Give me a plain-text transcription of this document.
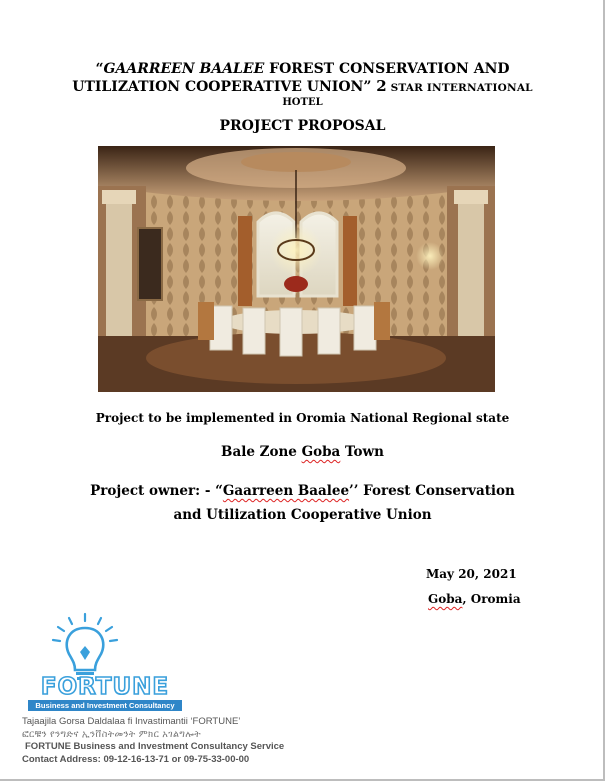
“GAARREEN BAALEE FOREST CONSERVATION AND
UTILIZATION COOPERATIVE UNION” 2 STAR INTERNATIONAL
HOTEL
PROJECT PROPOSAL
Project to be implemented in Oromia National Regional state
Bale Zone Goba Town
Project owner: - “Gaarreen Baalee’’ Forest Conservation
and Utilization Cooperative Union
May 20, 2021
Goba, Oromia
FORTUNE
Business and Investment Consultancy
Tajaajila Gorsa Daldalaa fi Invastimantii ‘FORTUNE’
ፎርቹን የንግድና ኢንቨስትመንት ምክር አገልግሎት
FORTUNE Business and Investment Consultancy Service
Contact Address: 09-12-16-13-71 or 09-75-33-00-00
